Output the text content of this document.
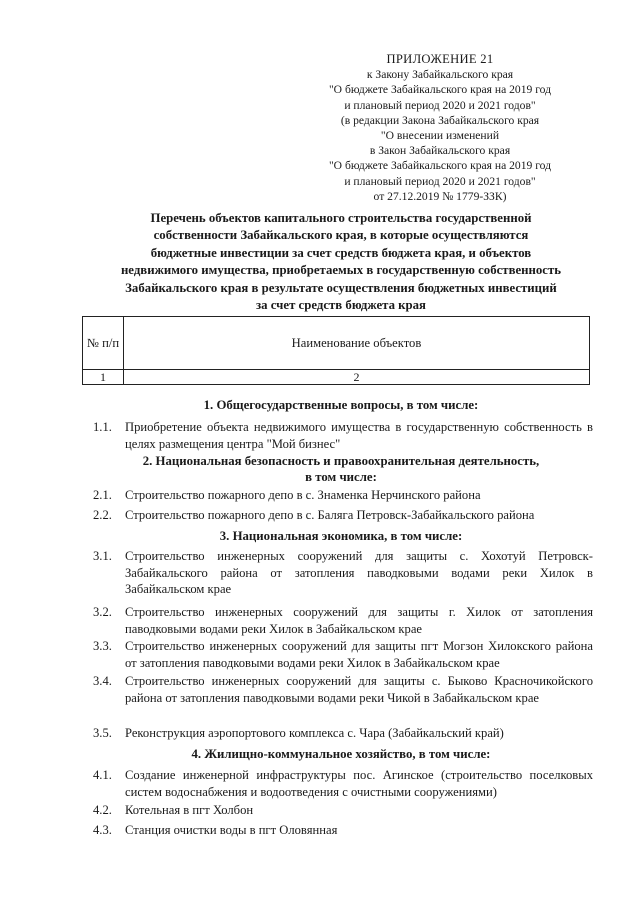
ПРИЛОЖЕНИЕ 21
к Закону Забайкальского края
"О бюджете Забайкальского края на 2019 год
и плановый период 2020 и 2021 годов"
(в редакции Закона Забайкальского края
"О внесении изменений
в Закон Забайкальского края
"О бюджете Забайкальского края на 2019 год
и плановый период 2020 и 2021 годов"
от 27.12.2019 № 1779-ЗЗК)
Перечень объектов капитального строительства государственной
собственности Забайкальского края, в которые осуществляются
бюджетные инвестиции за счет средств бюджета края, и объектов
недвижимого имущества, приобретаемых в государственную собственность
Забайкальского края в результате осуществления бюджетных инвестиций
за счет средств бюджета края
№ п/п	Наименование объектов
1	2
1. Общегосударственные вопросы, в том числе:
1.1. Приобретение объекта недвижимого имущества в государственную собственность в целях размещения центра "Мой бизнес"
2. Национальная безопасность и правоохранительная деятельность,
в том числе:
2.1. Строительство пожарного депо в с. Знаменка Нерчинского района
2.2. Строительство пожарного депо в с. Баляга Петровск-Забайкальского района
3. Национальная экономика, в том числе:
3.1. Строительство инженерных сооружений для защиты с. Хохотуй Петровск-Забайкальского района от затопления паводковыми водами реки Хилок в Забайкальском крае
3.2. Строительство инженерных сооружений для защиты г. Хилок от затопления паводковыми водами реки Хилок в Забайкальском крае
3.3. Строительство инженерных сооружений для защиты пгт Могзон Хилокского района от затопления паводковыми водами реки Хилок в Забайкальском крае
3.4. Строительство инженерных сооружений для защиты с. Быково Красночикойского района от затопления паводковыми водами реки Чикой в Забайкальском крае
3.5. Реконструкция аэропортового комплекса с. Чара (Забайкальский край)
4. Жилищно-коммунальное хозяйство, в том числе:
4.1. Создание инженерной инфраструктуры пос. Агинское (строительство поселковых систем водоснабжения и водоотведения с очистными сооружениями)
4.2. Котельная в пгт Холбон
4.3. Станция очистки воды в пгт Оловянная
